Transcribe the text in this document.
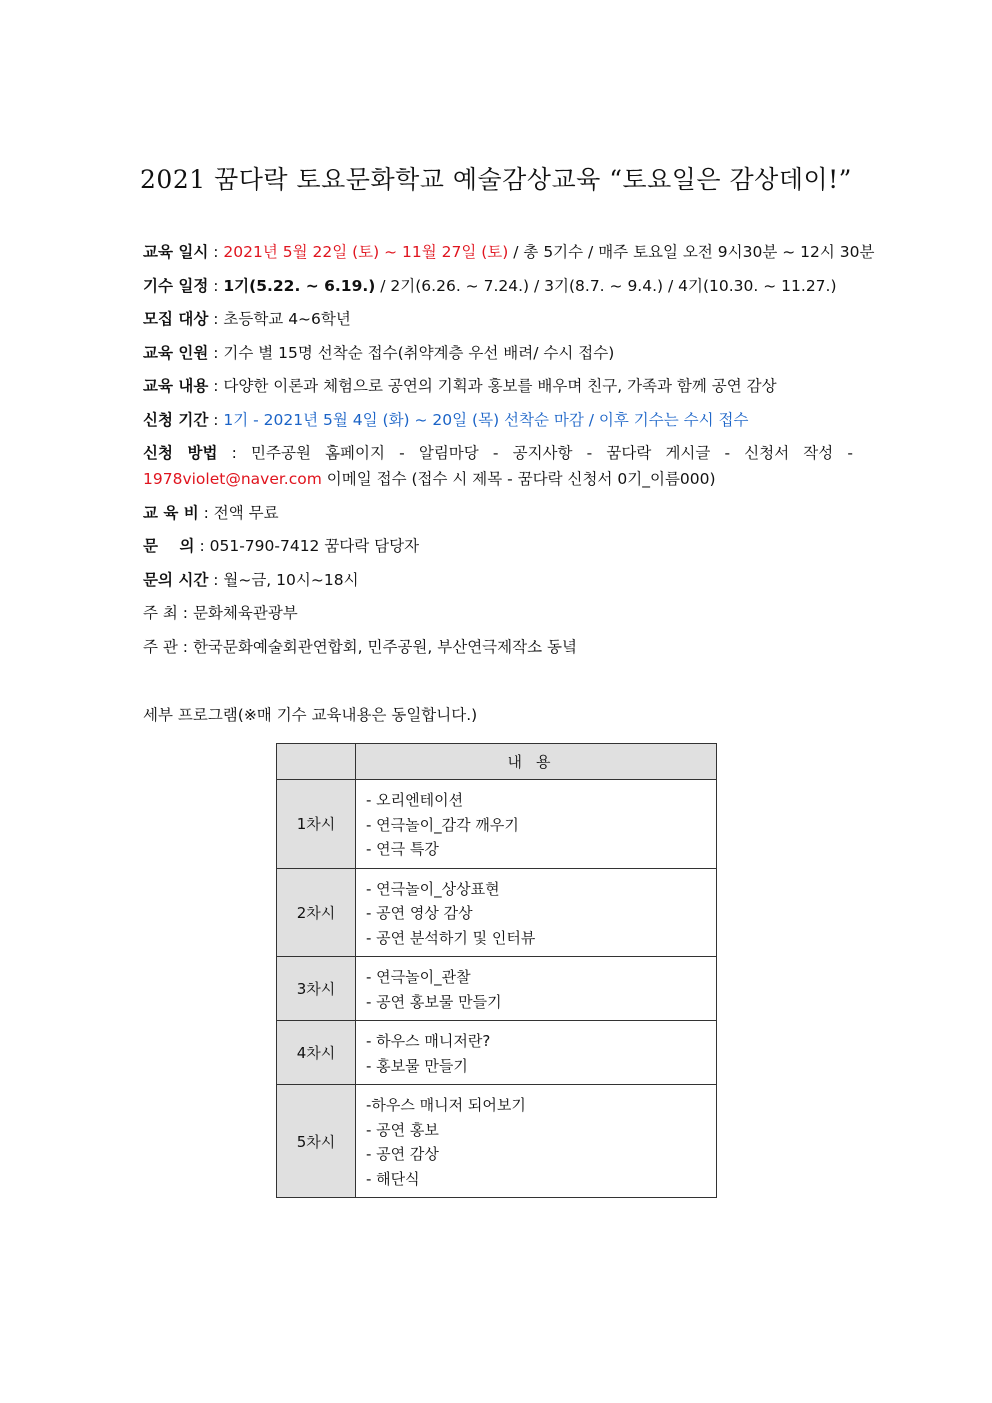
2021 꿈다락 토요문화학교 예술감상교육 “토요일은 감상데이!”
교육 일시 : 2021년 5월 22일 (토) ~ 11월 27일 (토) / 총 5기수 / 매주 토요일 오전 9시30분 ~ 12시 30분
기수 일정 : 1기(5.22. ~ 6.19.) / 2기(6.26. ~ 7.24.) / 3기(8.7. ~ 9.4.) / 4기(10.30. ~ 11.27.)
모집 대상 : 초등학교 4~6학년
교육 인원 : 기수 별 15명 선착순 접수(취약계층 우선 배려/ 수시 접수)
교육 내용 : 다양한 이론과 체험으로 공연의 기획과 홍보를 배우며 친구, 가족과 함께 공연 감상
신청 기간 : 1기 - 2021년 5월 4일 (화) ~ 20일 (목) 선착순 마감 / 이후 기수는 수시 접수
신청 방법 : 민주공원 홈페이지 - 알림마당 - 공지사항 - 꿈다락 게시글 - 신청서 작성 - 1978violet@naver.com 이메일 접수 (접수 시 제목 - 꿈다락 신청서 0기_이름000)
교 육 비 : 전액 무료
문    의 : 051-790-7412 꿈다락 담당자
문의 시간 : 월~금, 10시~18시
주 최 : 문화체육관광부
주 관 : 한국문화예술회관연합회, 민주공원, 부산연극제작소 동녘
세부 프로그램(※매 기수 교육내용은 동일합니다.)
	내용
1차시	- 오리엔테이션
- 연극놀이_감각 깨우기
- 연극 특강

2차시	- 연극놀이_상상표현
- 공연 영상 감상
- 공연 분석하기 및 인터뷰

3차시	- 연극놀이_관찰
- 공연 홍보물 만들기

4차시	- 하우스 매니저란?
- 홍보물 만들기

5차시	-하우스 매니저 되어보기
- 공연 홍보
- 공연 감상
- 해단식
